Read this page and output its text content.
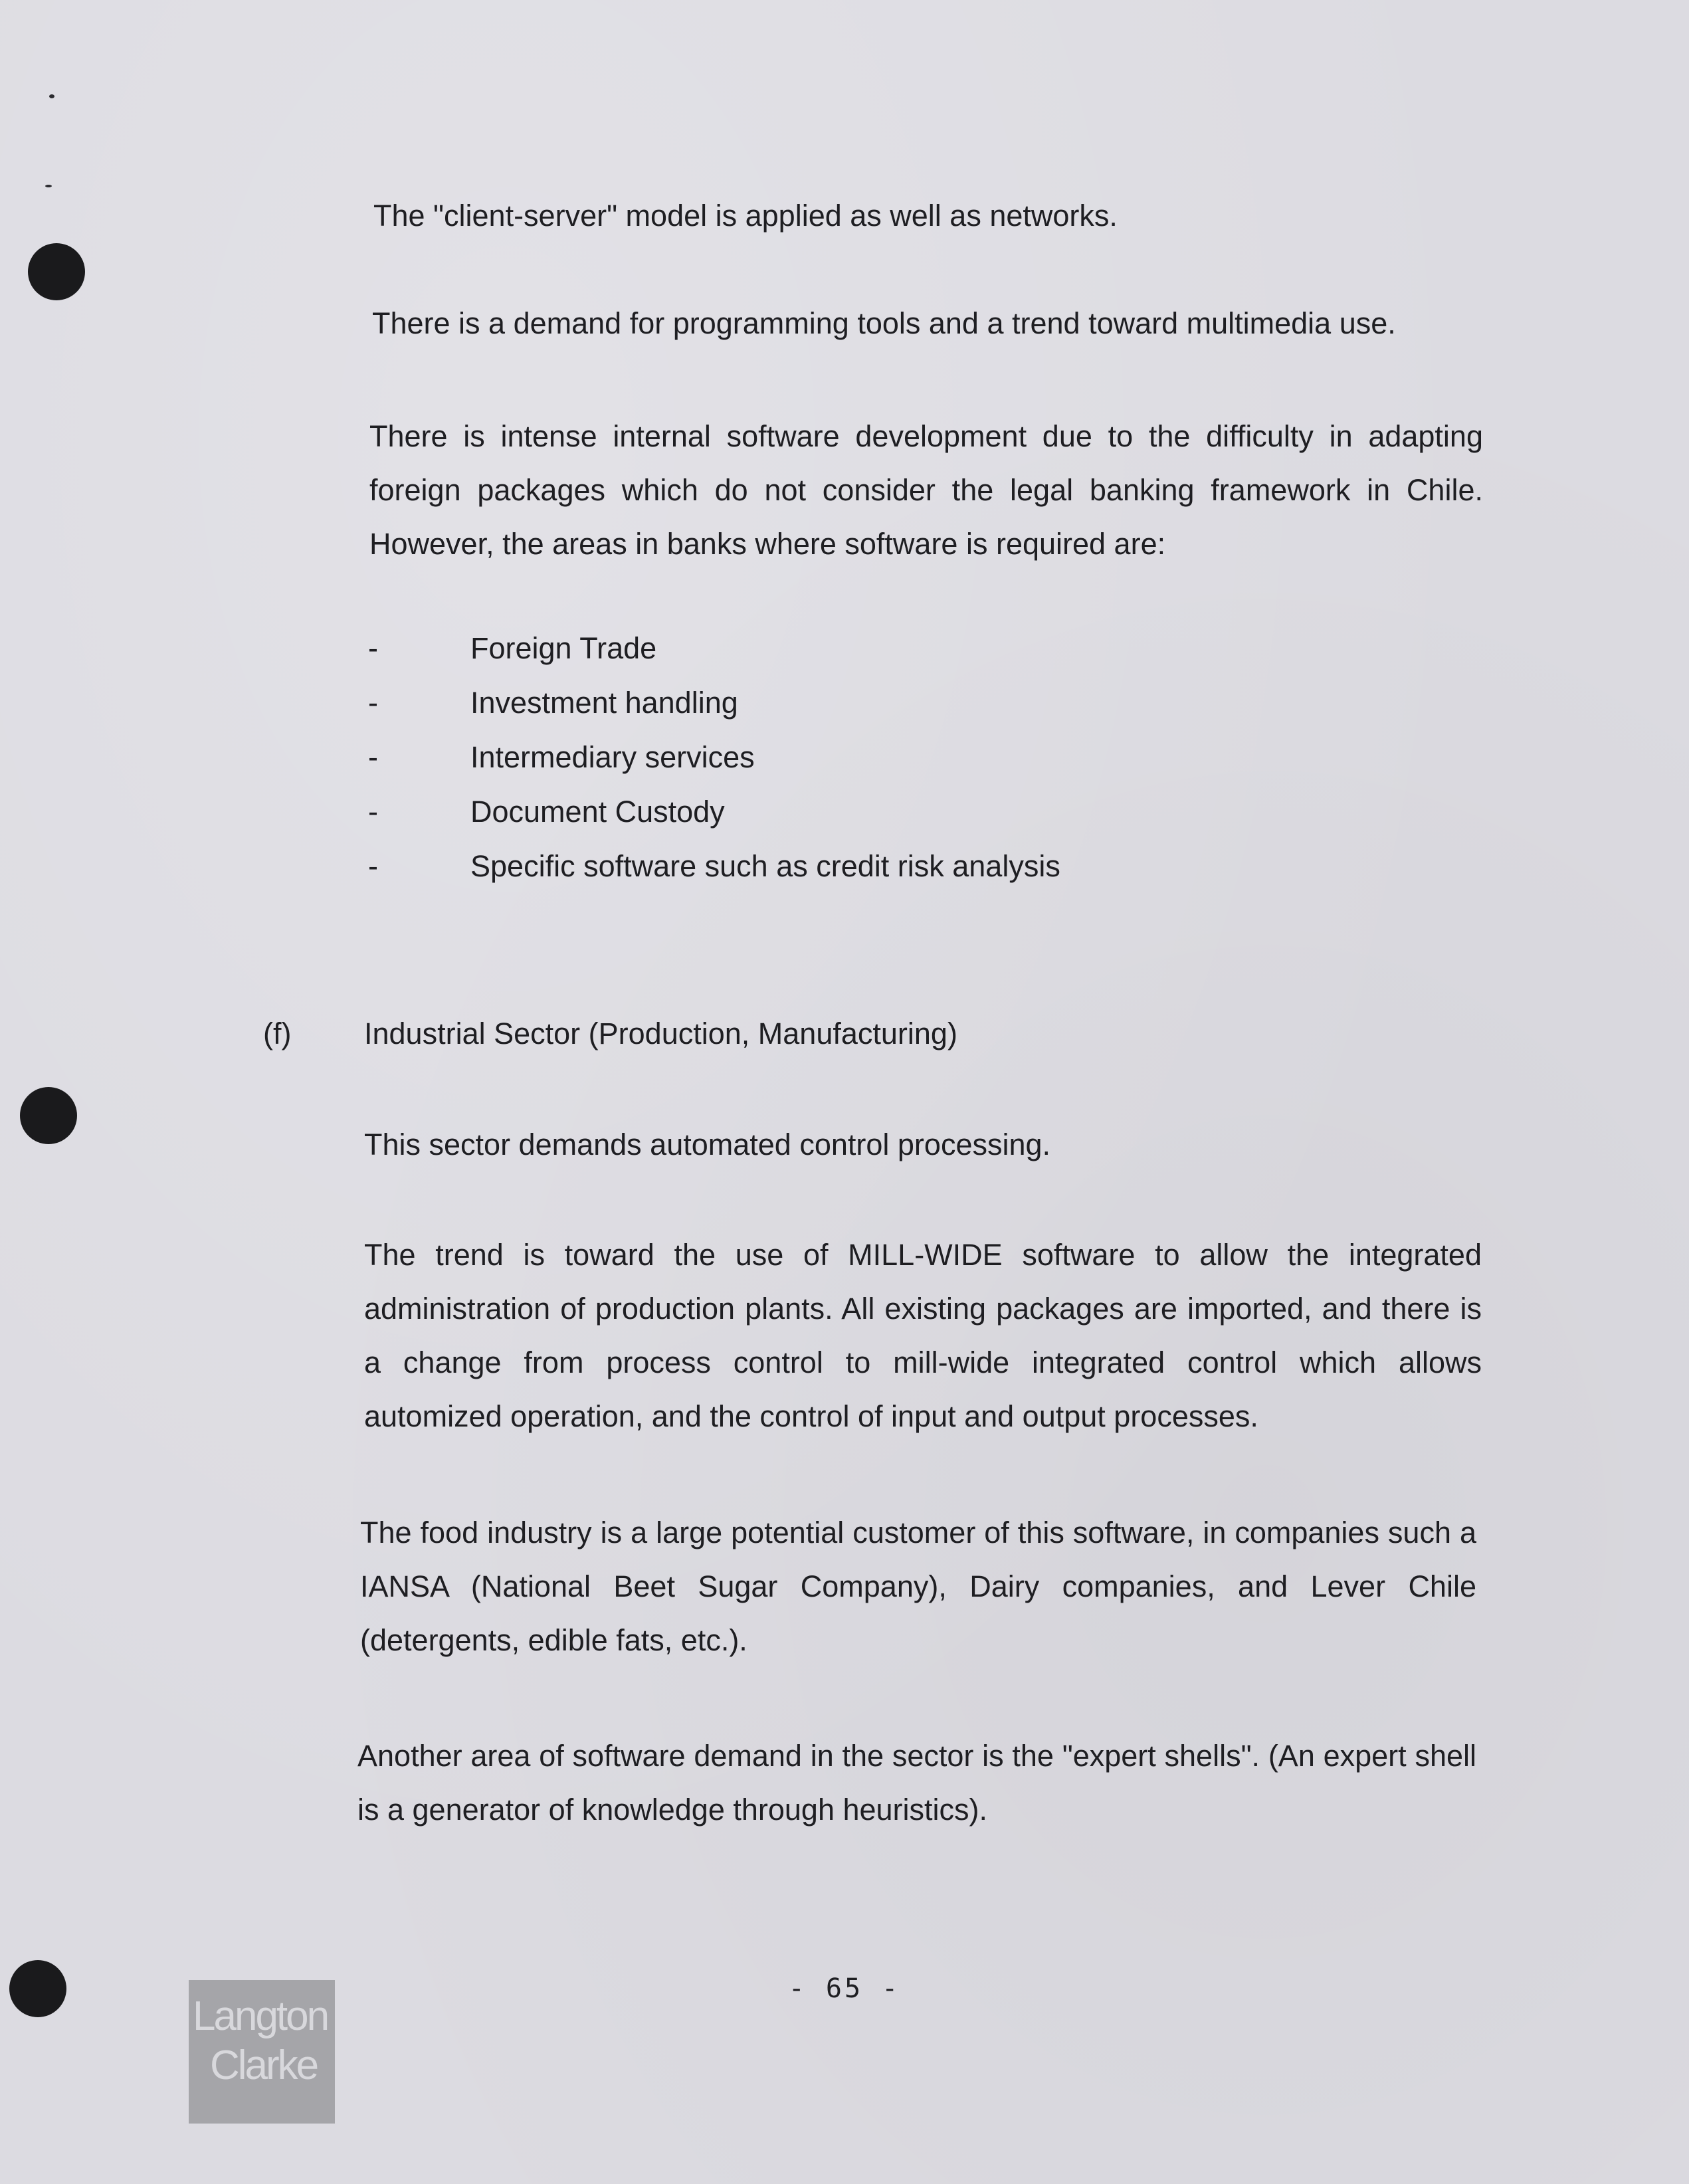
The "client-server" model is applied as well as networks.
There is a demand for programming tools and a trend toward multimedia use.
There is intense internal software development due to the difficulty in adapting foreign packages which do not consider the legal banking framework in Chile. However, the areas in banks where software is required are:
-	Foreign Trade
-	Investment handling
-	Intermediary services
-	Document Custody
-	Specific software such as credit risk analysis
(f) Industrial Sector (Production, Manufacturing)
This sector demands automated control processing.
The trend is toward the use of MILL-WIDE software to allow the integrated administration of production plants. All existing packages are imported, and there is a change from process control to mill-wide integrated control which allows automized operation, and the control of input and output processes.
The food industry is a large potential customer of this software, in companies such a IANSA (National Beet Sugar Company), Dairy companies, and Lever Chile (detergents, edible fats, etc.).
Another area of software demand in the sector is the "expert shells". (An expert shell is a generator of knowledge through heuristics).
- 65 -
Langton
Clarke
